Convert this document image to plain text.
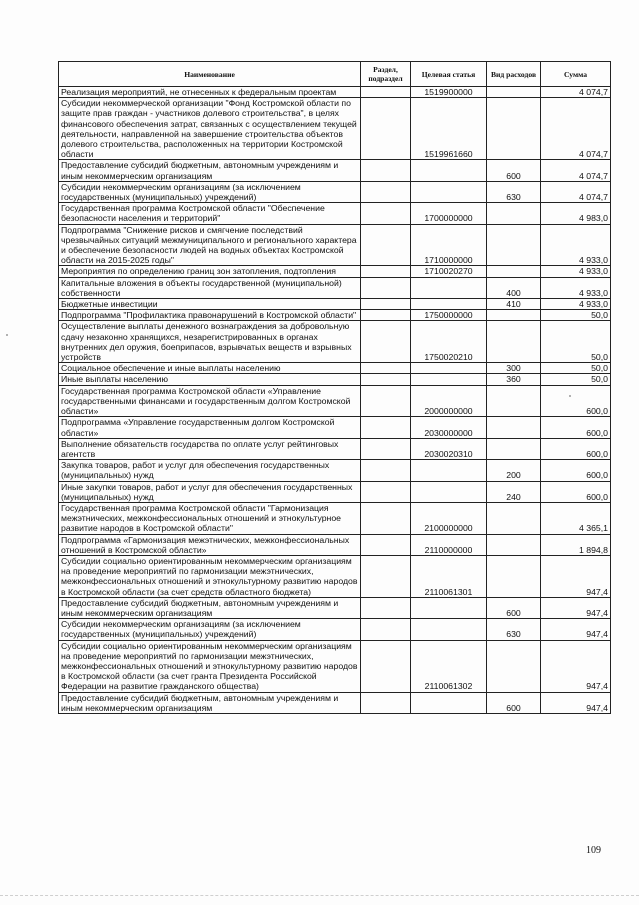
Наименование	Раздел, подраздел	Целевая статья	Вид расходов	Сумма
Реализация мероприятий, не отнесенных к федеральным проектам		1519900000		4 074,7
Субсидии некоммерческой организации "Фонд Костромской области по защите прав граждан - участников долевого строительства", в целях финансового обеспечения затрат, связанных с осуществлением текущей деятельности, направленной на завершение строительства объектов долевого строительства, расположенных на территории Костромской области		1519961660		4 074,7
Предоставление субсидий бюджетным, автономным учреждениям и иным некоммерческим организациям			600	4 074,7
Субсидии некоммерческим организациям (за исключением государственных (муниципальных) учреждений)			630	4 074,7
Государственная программа Костромской области "Обеспечение безопасности населения и территорий"		1700000000		4 983,0
Подпрограмма "Снижение рисков и смягчение последствий чрезвычайных ситуаций межмуниципального и регионального характера и обеспечение безопасности людей на водных объектах Костромской области на 2015-2025 годы"		1710000000		4 933,0
Мероприятия по определению границ зон затопления, подтопления		1710020270		4 933,0
Капитальные вложения в объекты государственной (муниципальной) собственности			400	4 933,0
Бюджетные инвестиции			410	4 933,0
Подпрограмма "Профилактика правонарушений в Костромской области"		1750000000		50,0
Осуществление выплаты денежного вознаграждения за добровольную сдачу незаконно хранящихся, незарегистрированных в органах внутренних дел оружия, боеприпасов, взрывчатых веществ и взрывных устройств		1750020210		50,0
Социальное обеспечение и иные выплаты населению			300	50,0
Иные выплаты населению			360	50,0
Государственная программа Костромской области «Управление государственными финансами и государственным долгом Костромской области»		2000000000		600,0
Подпрограмма «Управление государственным долгом Костромской области»		2030000000		600,0
Выполнение обязательств государства по оплате услуг рейтинговых агентств		2030020310		600,0
Закупка товаров, работ и услуг для обеспечения государственных (муниципальных) нужд			200	600,0
Иные закупки товаров, работ и услуг для обеспечения государственных (муниципальных) нужд			240	600,0
Государственная программа Костромской области "Гармонизация межэтнических, межконфессиональных отношений и этнокультурное развитие народов в Костромской области"		2100000000		4 365,1
Подпрограмма «Гармонизация межэтнических, межконфессиональных отношений в Костромской области»		2110000000		1 894,8
Субсидии социально ориентированным некоммерческим организациям на проведение мероприятий по гармонизации межэтнических, межконфессиональных отношений и этнокультурному развитию народов в Костромской области (за счет средств областного бюджета)		2110061301		947,4
Предоставление субсидий бюджетным, автономным учреждениям и иным некоммерческим организациям			600	947,4
Субсидии некоммерческим организациям (за исключением государственных (муниципальных) учреждений)			630	947,4
Субсидии социально ориентированным некоммерческим организациям на проведение мероприятий по гармонизации межэтнических, межконфессиональных отношений и этнокультурному развитию народов в Костромской области (за счет гранта Президента Российской Федерации на развитие гражданского общества)		2110061302		947,4
Предоставление субсидий бюджетным, автономным учреждениям и иным некоммерческим организациям			600	947,4
109
